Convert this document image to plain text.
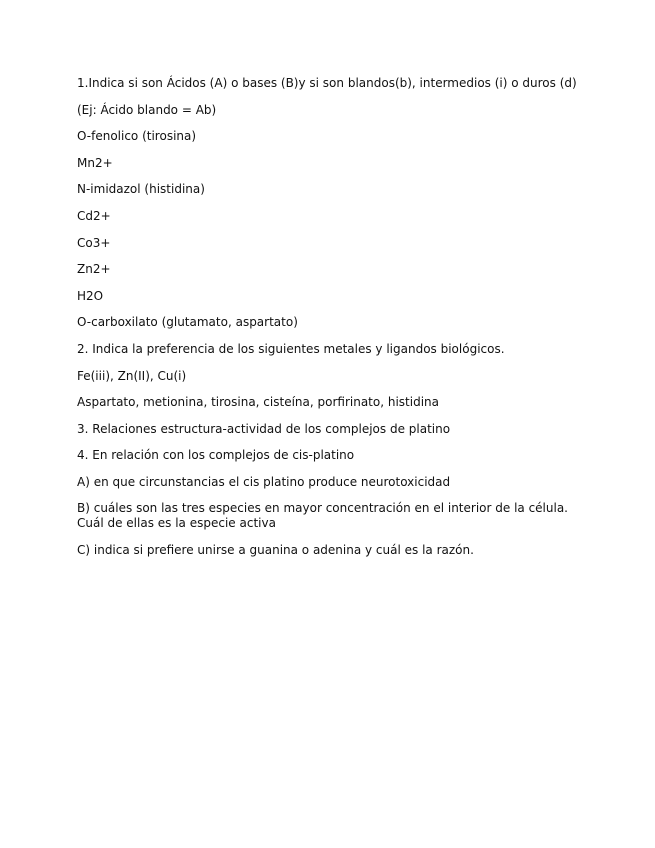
1.Indica si son Ácidos (A) o bases (B)y si son blandos(b), intermedios (i) o duros (d)

(Ej: Ácido blando = Ab)

O-fenolico (tirosina)

Mn2+

N-imidazol (histidina)

Cd2+

Co3+

Zn2+

H2O

O-carboxilato (glutamato, aspartato)

2. Indica la preferencia de los siguientes metales y ligandos biológicos.

Fe(iii), Zn(II), Cu(i)

Aspartato, metionina, tirosina, cisteína, porfirinato, histidina

3. Relaciones estructura-actividad de los complejos de platino

4. En relación con los complejos de cis-platino

A) en que circunstancias el cis platino produce neurotoxicidad

B) cuáles son las tres especies en mayor concentración en el interior de la célula.
Cuál de ellas es la especie activa

C) indica si prefiere unirse a guanina o adenina y cuál es la razón.
